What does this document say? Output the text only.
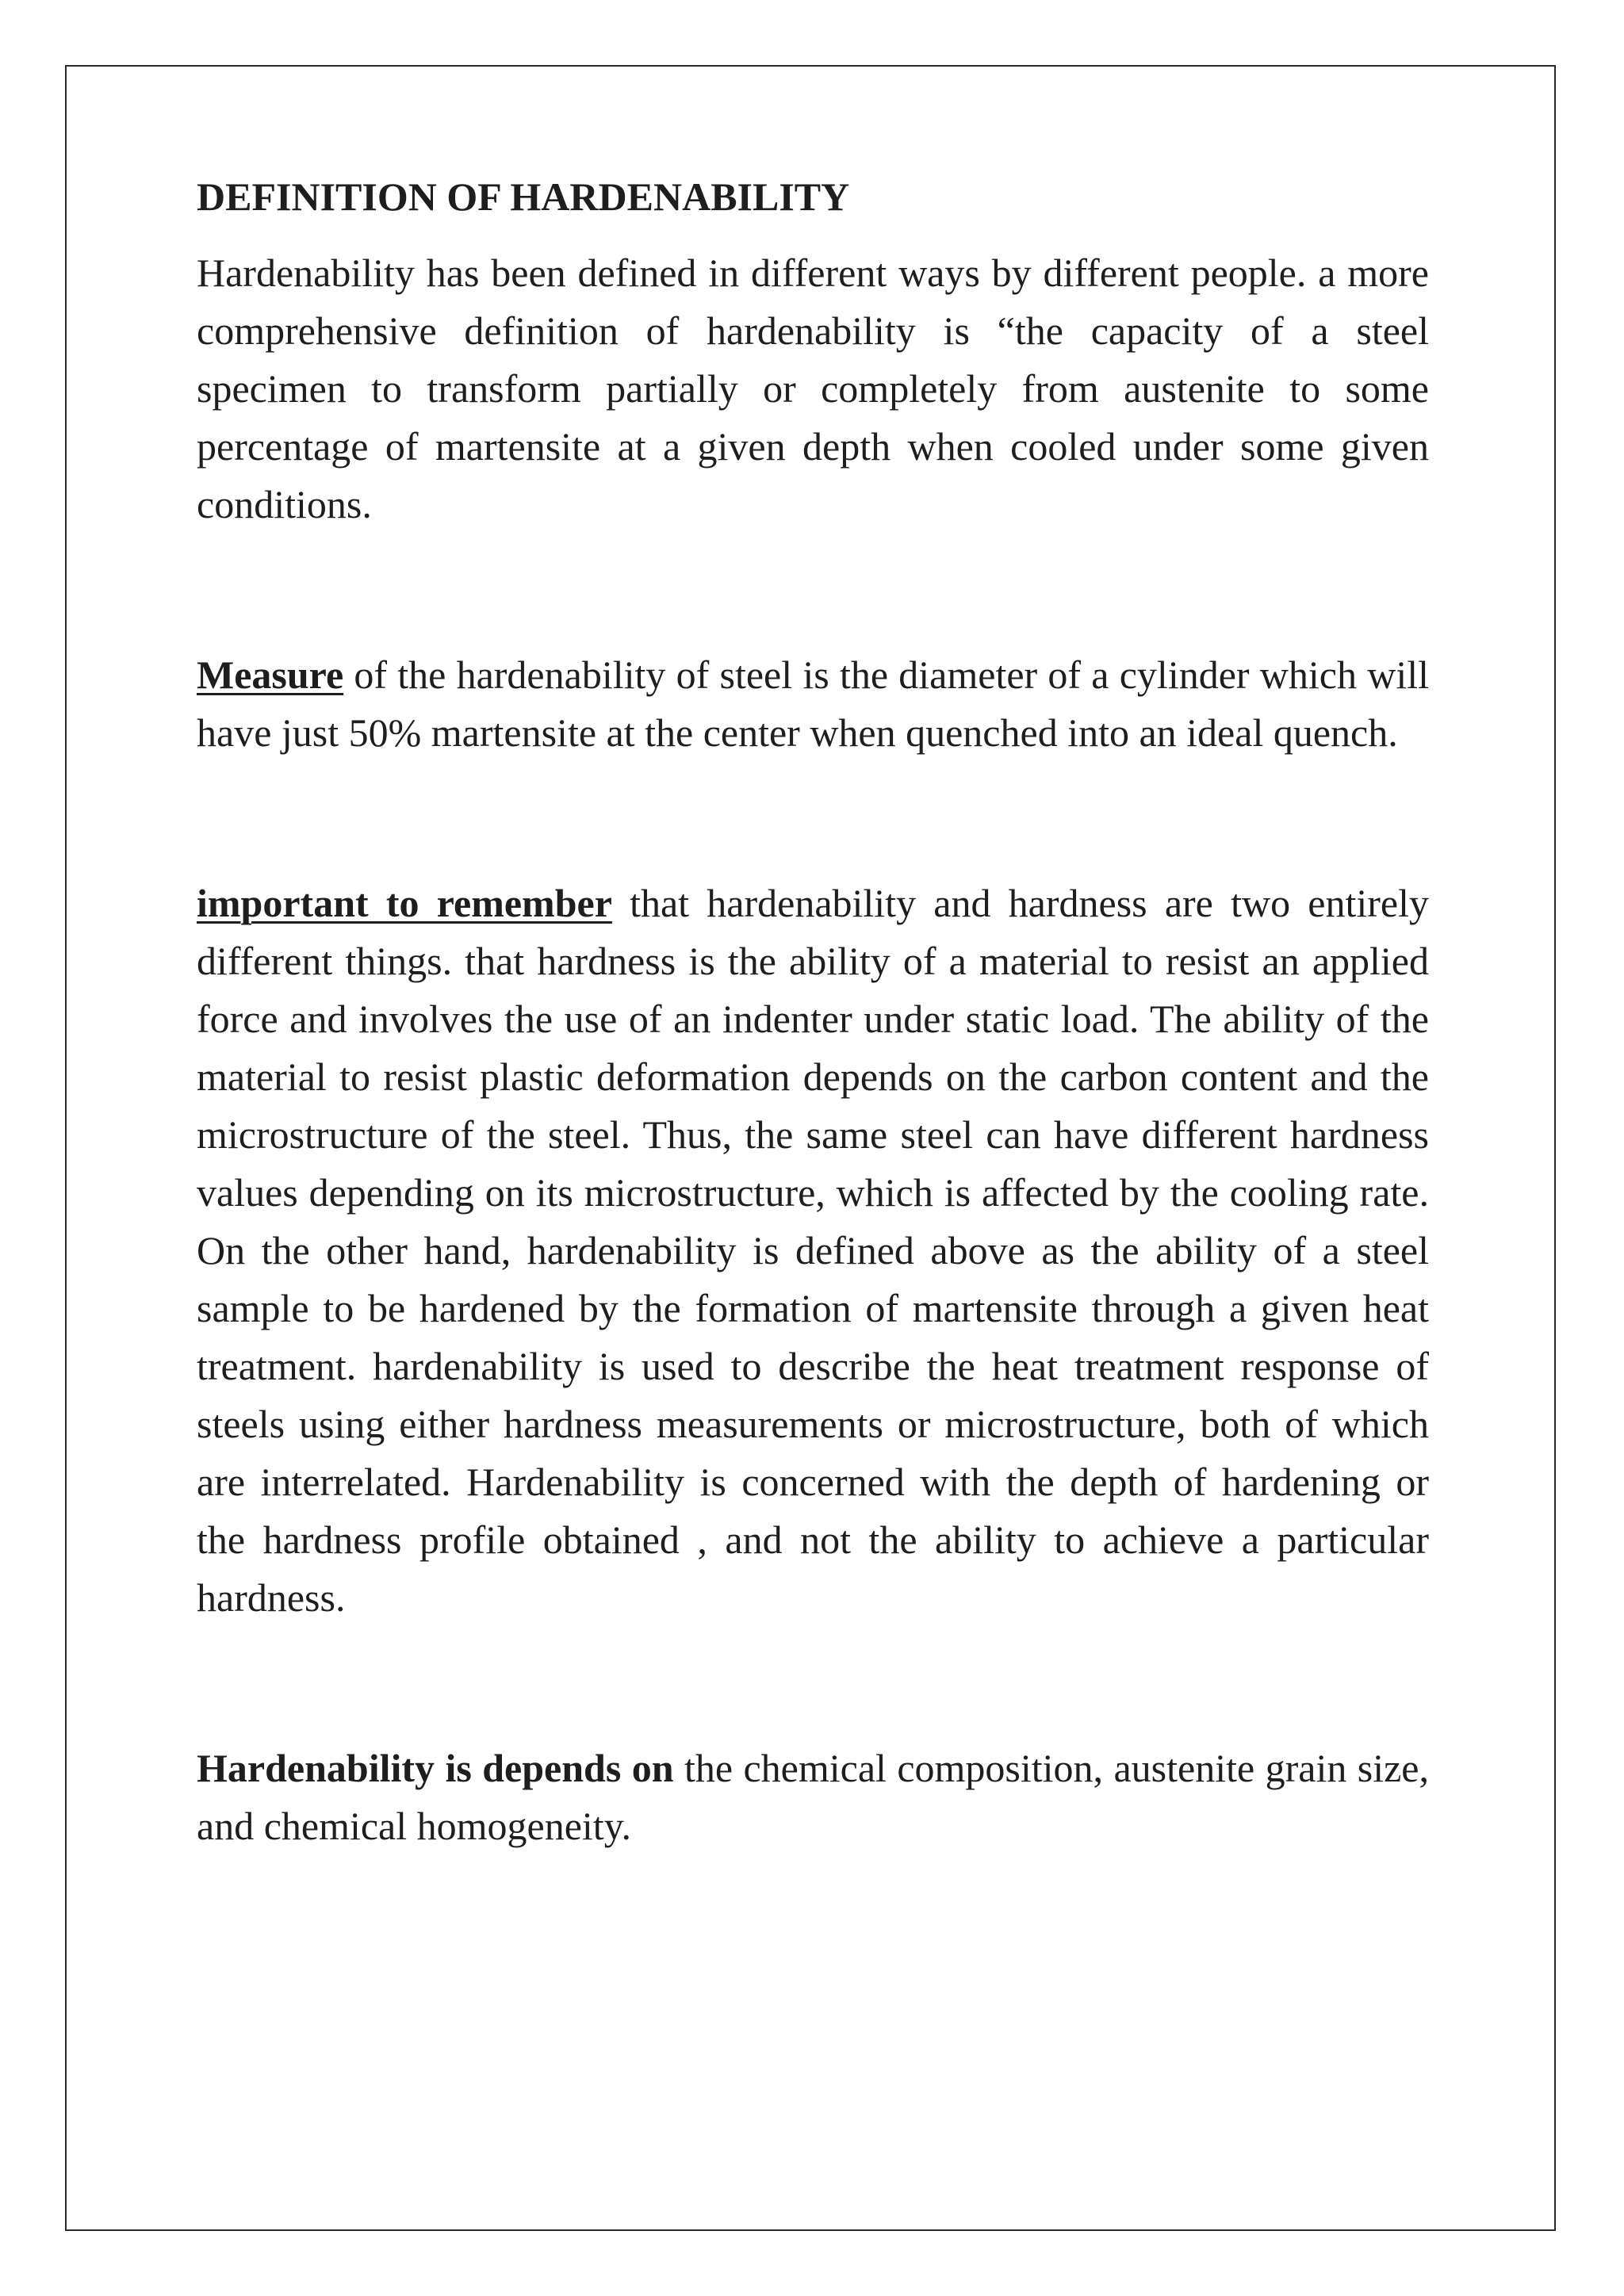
DEFINITION OF HARDENABILITY

Hardenability has been defined in different ways by different people. a more comprehensive definition of hardenability is “the capacity of a steel specimen to transform partially or completely from austenite to some percentage of martensite at a given depth when cooled under some given conditions.

Measure of the hardenability of steel is the diameter of a cylinder which will have just 50% martensite at the center when quenched into an ideal quench.

important to remember that hardenability and hardness are two entirely different things. that hardness is the ability of a material to resist an applied force and involves the use of an indenter under static load. The ability of the material to resist plastic deformation depends on the carbon content and the microstructure of the steel. Thus, the same steel can have different hardness values depending on its microstructure, which is affected by the cooling rate. On the other hand, hardenability is defined above as the ability of a steel sample to be hardened by the formation of martensite through a given heat treatment. hardenability is used to describe the heat treatment response of steels using either hardness measurements or microstructure, both of which are interrelated. Hardenability is concerned with the depth of hardening or the hardness profile obtained , and not the ability to achieve a particular hardness.

Hardenability is depends on the chemical composition, austenite grain size, and chemical homogeneity.
